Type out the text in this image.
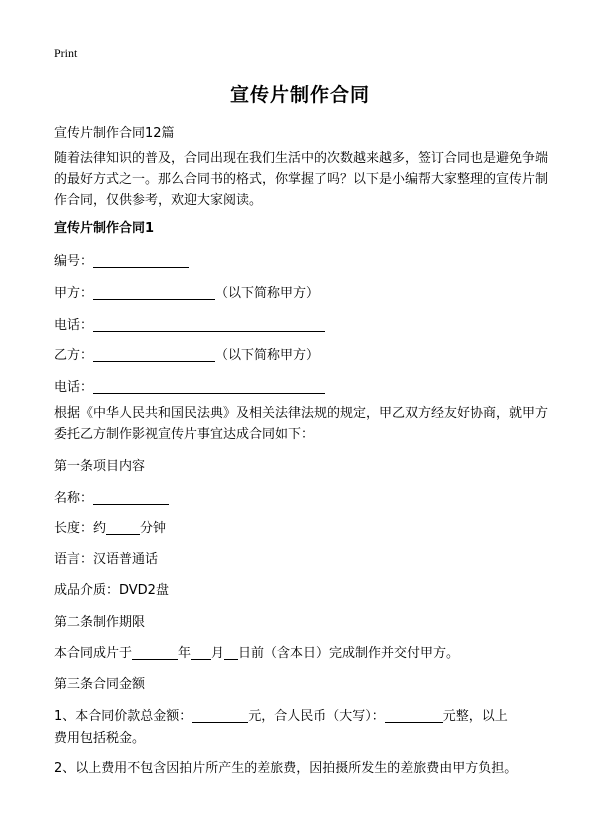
Print
宣传片制作合同
宣传片制作合同12篇
随着法律知识的普及，合同出现在我们生活中的次数越来越多，签订合同也是避免争端的最好方式之一。那么合同书的格式，你掌握了吗？以下是小编帮大家整理的宣传片制作合同，仅供参考，欢迎大家阅读。
宣传片制作合同1
编号：
甲方：	（以下简称甲方）
电话：
乙方：	（以下简称甲方）
电话：
根据《中华人民共和国民法典》及相关法律法规的规定，甲乙双方经友好协商，就甲方委托乙方制作影视宣传片事宜达成合同如下：
第一条项目内容
名称：
长度：约	分钟
语言：汉语普通话
成品介质：DVD2盘
第二条制作期限
本合同成片于	年 月 日前（含本日）完成制作并交付甲方。
第三条合同金额
1、本合同价款总金额：	元，合人民币（大写）：	元整，以上
费用包括税金。
2、以上费用不包含因拍片所产生的差旅费，因拍摄所发生的差旅费由甲方负担。
